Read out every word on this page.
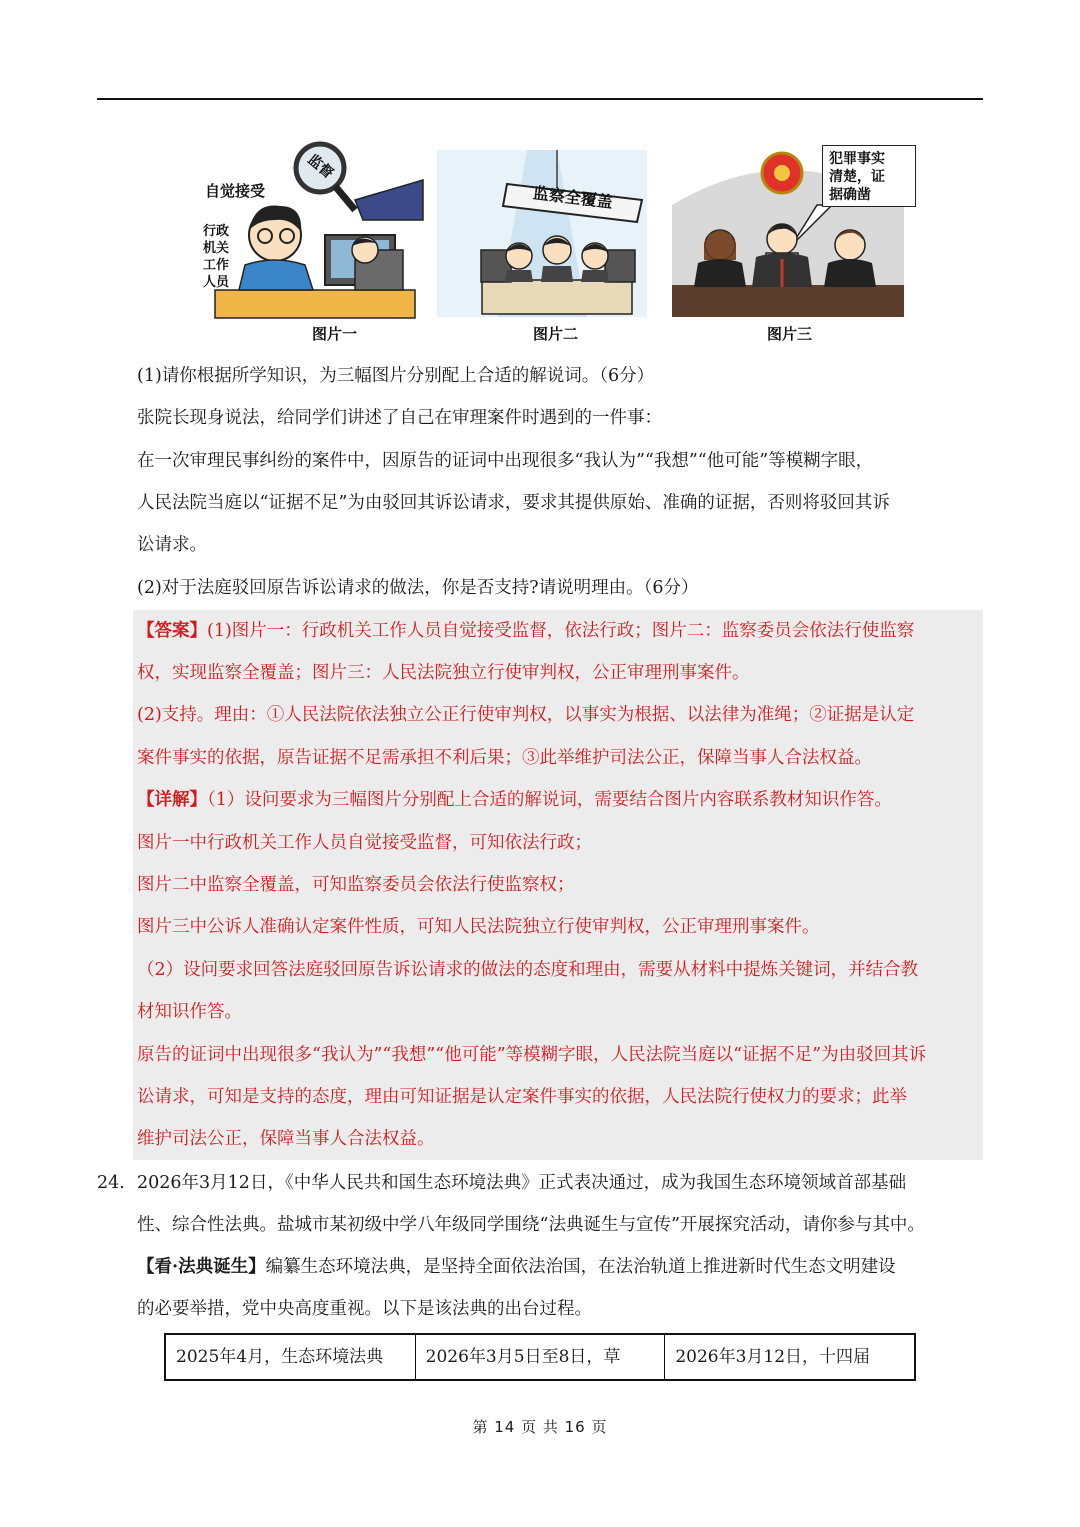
监督
自觉接受
行政
机关
工作
人员
图片一
监察全覆盖
图片二
犯罪事实
清楚，证
据确凿
图片三
(1)请你根据所学知识，为三幅图片分别配上合适的解说词。（6分）
张院长现身说法，给同学们讲述了自己在审理案件时遇到的一件事：
在一次审理民事纠纷的案件中，因原告的证词中出现很多“我认为”“我想”“他可能”等模糊字眼，
人民法院当庭以“证据不足”为由驳回其诉讼请求，要求其提供原始、准确的证据，否则将驳回其诉
讼请求。
(2)对于法庭驳回原告诉讼请求的做法，你是否支持?请说明理由。（6分）
【答案】(1)图片一：行政机关工作人员自觉接受监督，依法行政；图片二：监察委员会依法行使监察
权，实现监察全覆盖；图片三：人民法院独立行使审判权，公正审理刑事案件。
(2)支持。理由：①人民法院依法独立公正行使审判权，以事实为根据、以法律为准绳；②证据是认定
案件事实的依据，原告证据不足需承担不利后果；③此举维护司法公正，保障当事人合法权益。
【详解】（1）设问要求为三幅图片分别配上合适的解说词，需要结合图片内容联系教材知识作答。
图片一中行政机关工作人员自觉接受监督，可知依法行政；
图片二中监察全覆盖，可知监察委员会依法行使监察权；
图片三中公诉人准确认定案件性质，可知人民法院独立行使审判权，公正审理刑事案件。
（2）设问要求回答法庭驳回原告诉讼请求的做法的态度和理由，需要从材料中提炼关键词，并结合教
材知识作答。
原告的证词中出现很多“我认为”“我想”“他可能”等模糊字眼，人民法院当庭以“证据不足”为由驳回其诉
讼请求，可知是支持的态度，理由可知证据是认定案件事实的依据，人民法院行使权力的要求；此举
维护司法公正，保障当事人合法权益。
24. 2026年3月12日，《中华人民共和国生态环境法典》正式表决通过，成为我国生态环境领域首部基础
性、综合性法典。盐城市某初级中学八年级同学围绕“法典诞生与宣传”开展探究活动，请你参与其中。
【看·法典诞生】编纂生态环境法典，是坚持全面依法治国，在法治轨道上推进新时代生态文明建设
的必要举措，党中央高度重视。以下是该法典的出台过程。
2025年4月，生态环境法典	2026年3月5日至8日，草	2026年3月12日，十四届
第 14 页 共 16 页
